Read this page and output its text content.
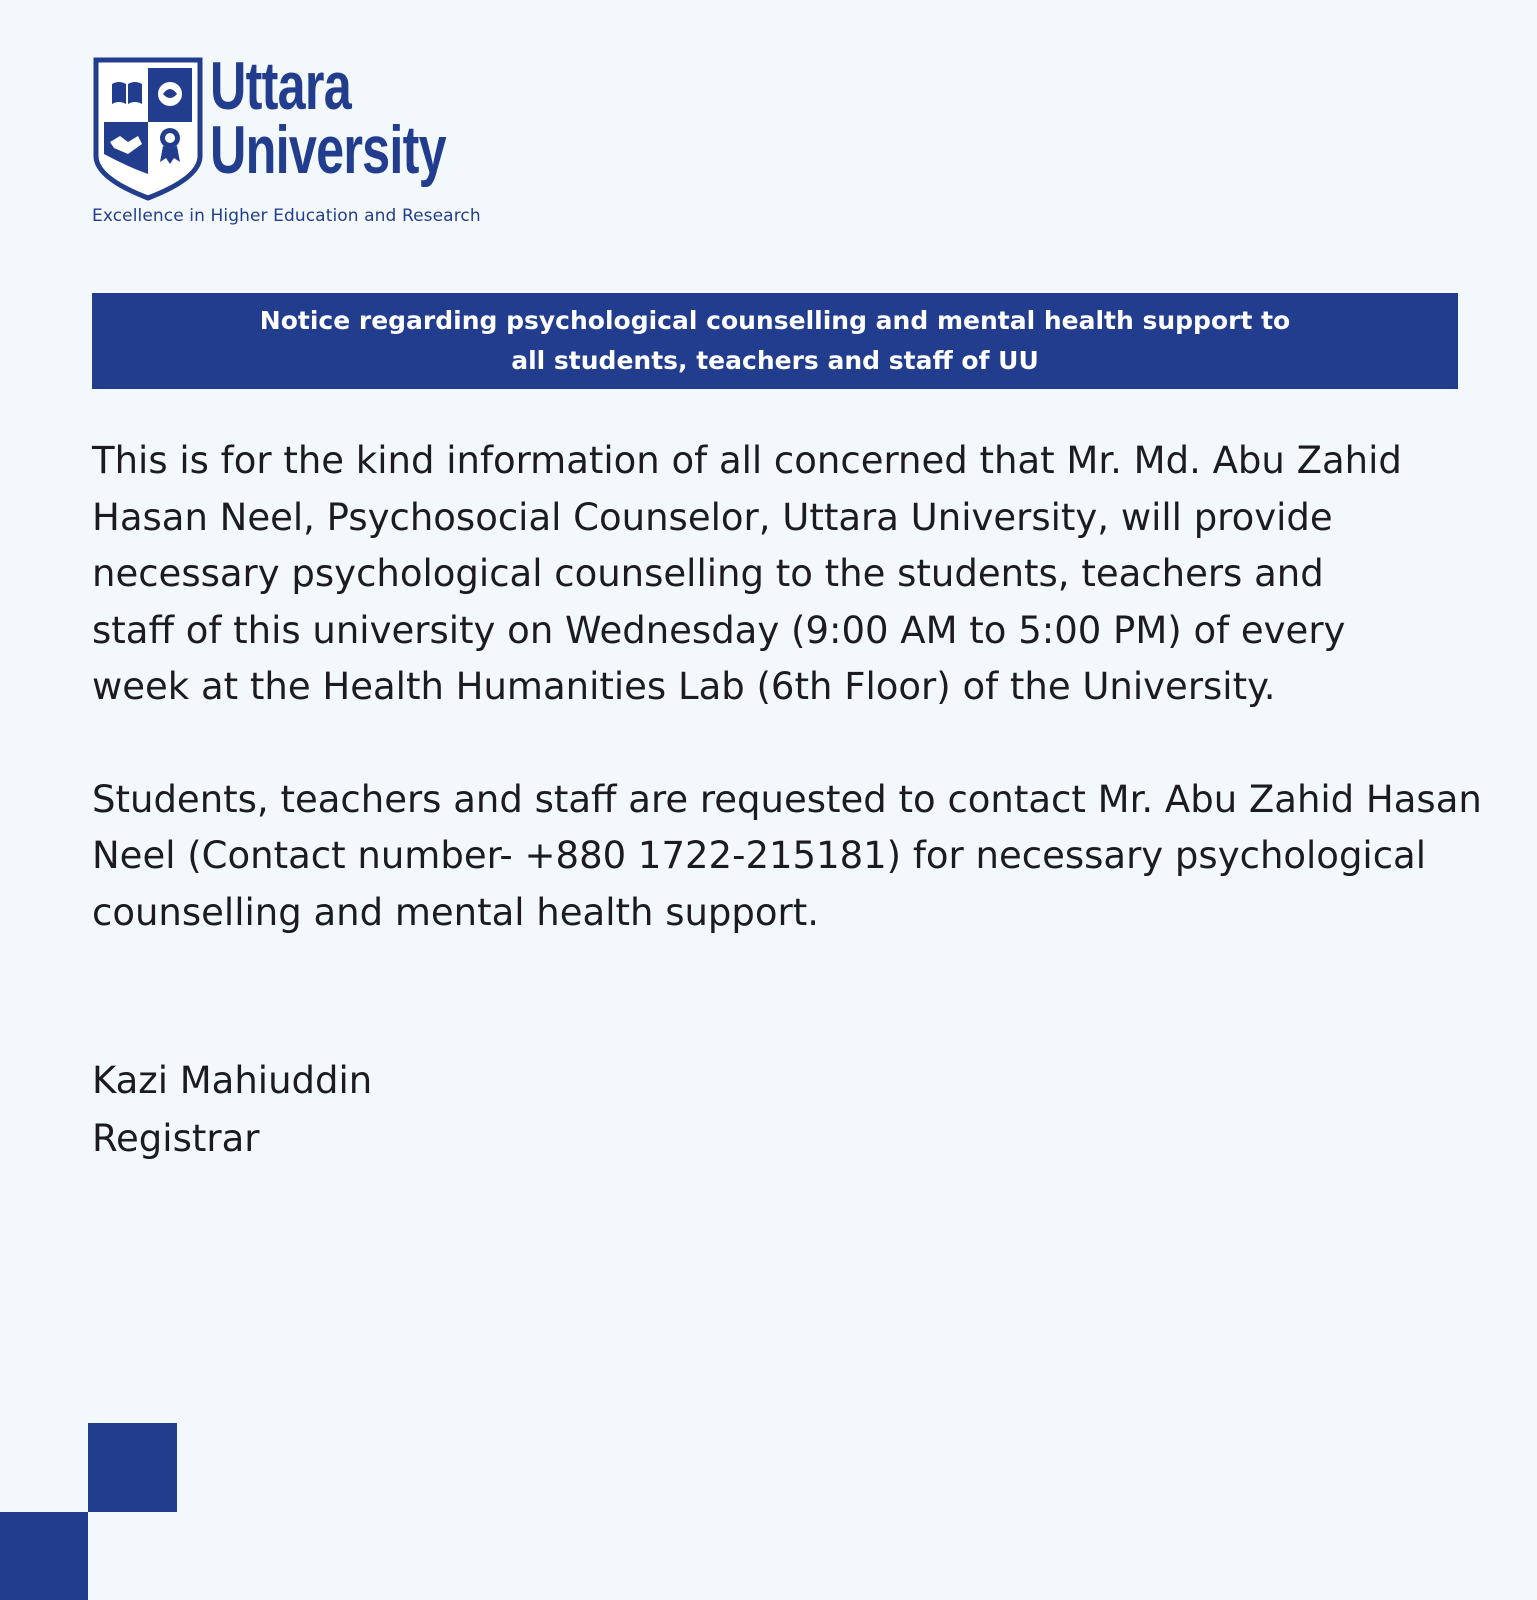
Uttara
University
Excellence in Higher Education and Research
Notice regarding psychological counselling and mental health support to
all students, teachers and staff of UU

This is for the kind information of all concerned that Mr. Md. Abu Zahid
Hasan Neel, Psychosocial Counselor, Uttara University, will provide
necessary psychological counselling to the students, teachers and
staff of this university on Wednesday (9:00 AM to 5:00 PM) of every
week at the Health Humanities Lab (6th Floor) of the University.

Students, teachers and staff are requested to contact Mr. Abu Zahid Hasan
Neel (Contact number- +880 1722-215181) for necessary psychological
counselling and mental health support.

Kazi Mahiuddin
Registrar
